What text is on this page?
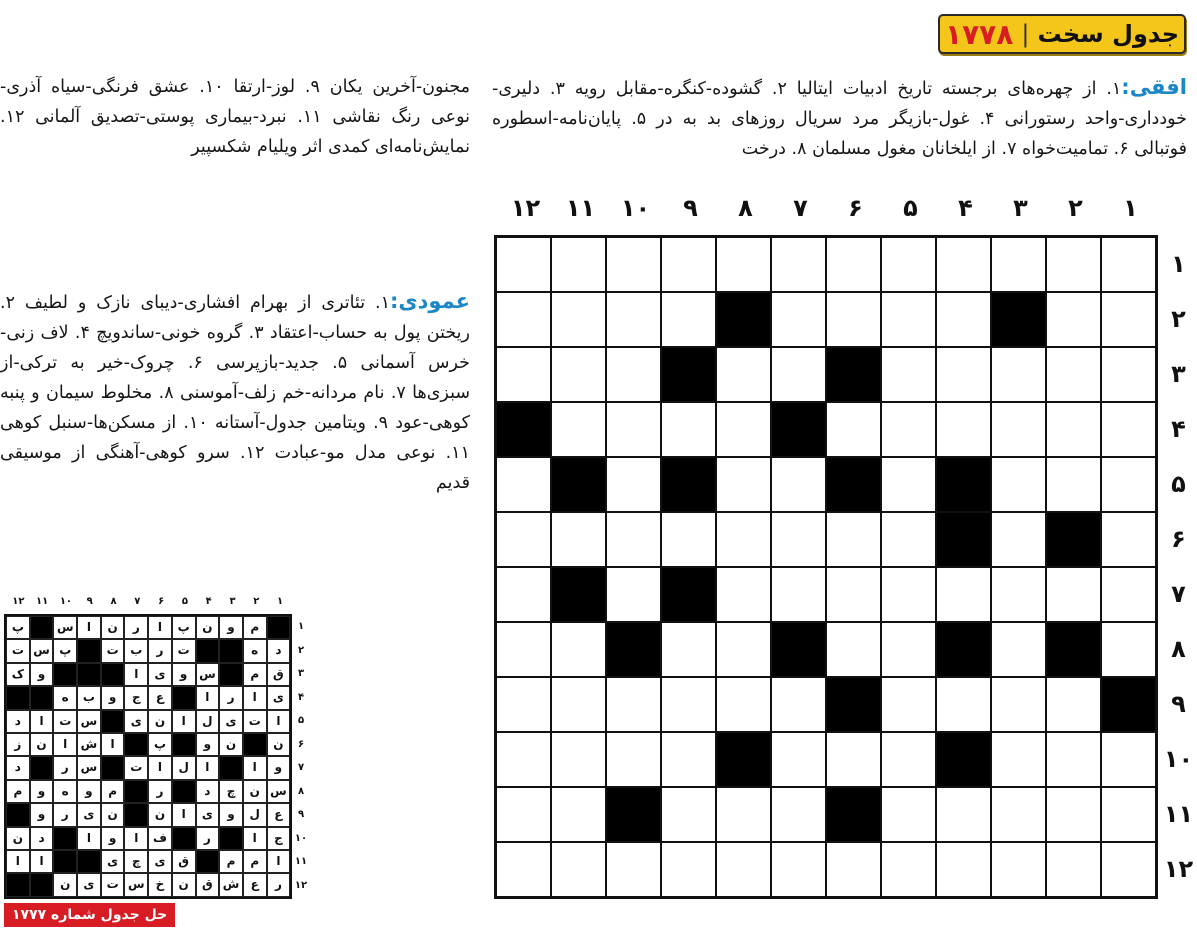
جدول سخت
|
۱۷۷۸

افقی:۱. از چهره‌های برجسته تاریخ ادبیات ایتالیا ۲. گشوده-کنگره-مقابل رویه ۳. دلیری-خودداری-واحد رستورانی ۴. غول-بازیگر مرد سریال روزهای بد به در ۵. پایان‌نامه-اسطوره فوتبالی ۶. تمامیت‌خواه ۷. از ایلخانان مغول مسلمان ۸. درخت

مجنون-آخرین یکان ۹. لوز-ارتقا ۱۰. عشق فرنگی-سیاه آذری-نوعی رنگ نقاشی ۱۱. نبرد-بیماری پوستی-تصدیق آلمانی ۱۲. نمایش‌نامه‌ای کمدی اثر ویلیام شکسپیر

عمودی:۱. تئاتری از بهرام افشاری-دیبای نازک و لطیف ۲. ریختن پول به حساب-اعتقاد ۳. گروه خونی-ساندویچ ۴. لاف زنی-خرس آسمانی ۵. جدید-بازپرسی ۶. چروک-خیر به ترکی-از سبزی‌ها ۷. نام مردانه-خم زلف-آموسنی ۸. مخلوط سیمان و پنبه کوهی-عود ۹. ویتامین جدول-آستانه ۱۰. از مسکن‌ها-سنبل کوهی ۱۱. نوعی مدل مو-عبادت ۱۲. سرو کوهی-آهنگی از موسیقی قدیم

۱
۲
۳
۴
۵
۶
۷
۸
۹
۱۰
۱۱
۱۲
۱
۲
۳
۴
۵
۶
۷
۸
۹
۱۰
۱۱
۱۲
۱
۲
۳
۴
۵
۶
۷
۸
۹
۱۰
۱۱
۱۲
۱
۲
۳
۴
۵
۶
۷
۸
۹
۱۰
۱۱
۱۲
م
و
ن
پ
ا
ر
ن
ا
س
پ
د
ه
ت
ر
ب
ت
پ
س
ت
ق
م
س
و
ی
ا
و
ک
ی
ا
ر
ا
ع
ج
و
ب
ه
ا
ت
ی
ل
ا
ن
ی
س
ت
ا
د
ن
ن
و
پ
ا
ش
ا
ن
ز
و
ا
ا
ل
ا
ت
س
ر
د
س
ن
چ
د
ر
م
و
ه
و
م
ع
ل
و
ی
ا
ن
ن
ی
ر
و
ج
ا
ر
ف
ا
و
ا
د
ن
ا
م
م
ق
ی
چ
ی
ا
ا
ر
ع
ش
ق
ن
خ
س
ت
ی
ن
حل جدول شماره ۱۷۷۷
